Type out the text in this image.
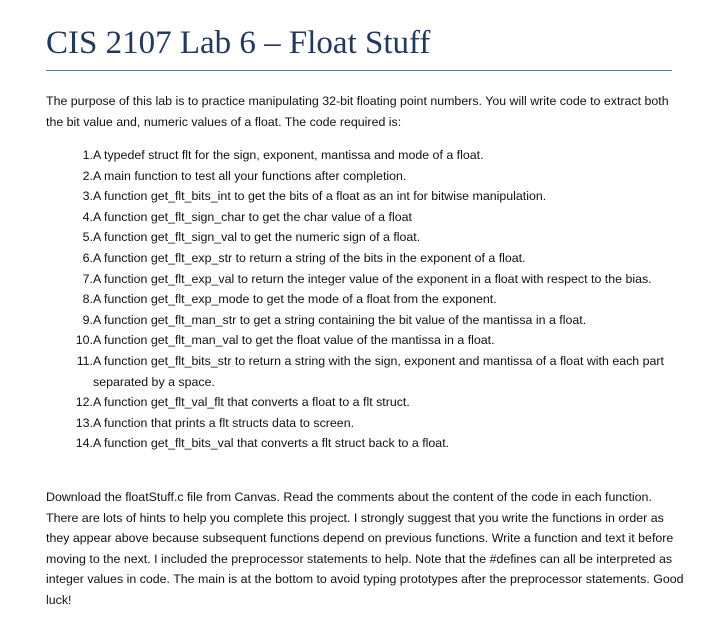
CIS 2107 Lab 6 – Float Stuff

The purpose of this lab is to practice manipulating 32-bit floating point numbers. You will write code to extract both the bit value and, numeric values of a float. The code required is:

1. A typedef struct flt for the sign, exponent, mantissa and mode of a float.
2. A main function to test all your functions after completion.
3. A function get_flt_bits_int to get the bits of a float as an int for bitwise manipulation.
4. A function get_flt_sign_char to get the char value of a float
5. A function get_flt_sign_val to get the numeric sign of a float.
6. A function get_flt_exp_str to return a string of the bits in the exponent of a float.
7. A function get_flt_exp_val to return the integer value of the exponent in a float with respect to the bias.
8. A function get_flt_exp_mode to get the mode of a float from the exponent.
9. A function get_flt_man_str to get a string containing the bit value of the mantissa in a float.
10. A function get_flt_man_val to get the float value of the mantissa in a float.
11. A function get_flt_bits_str to return a string with the sign, exponent and mantissa of a float with each part separated by a space.
12. A function get_flt_val_flt that converts a float to a flt struct.
13. A function that prints a flt structs data to screen.
14. A function get_flt_bits_val that converts a flt struct back to a float.

Download the floatStuff.c file from Canvas. Read the comments about the content of the code in each function. There are lots of hints to help you complete this project. I strongly suggest that you write the functions in order as they appear above because subsequent functions depend on previous functions. Write a function and text it before moving to the next. I included the preprocessor statements to help. Note that the #defines can all be interpreted as integer values in code. The main is at the bottom to avoid typing prototypes after the preprocessor statements. Good luck!
